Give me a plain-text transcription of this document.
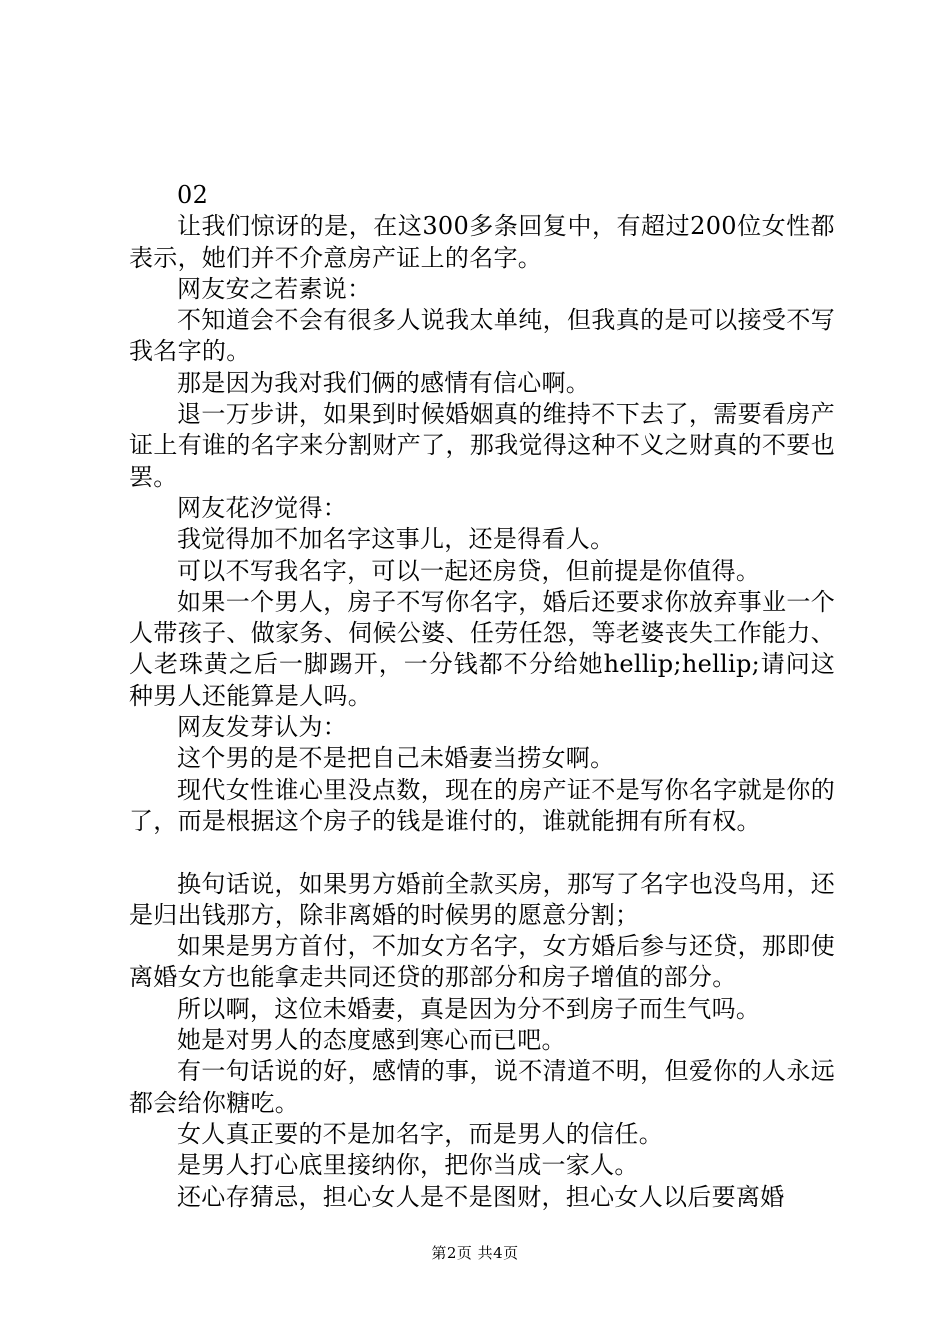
02

让我们惊讶的是，在这300多条回复中，有超过200位女性都表示，她们并不介意房产证上的名字。

网友安之若素说：

不知道会不会有很多人说我太单纯，但我真的是可以接受不写我名字的。

那是因为我对我们俩的感情有信心啊。

退一万步讲，如果到时候婚姻真的维持不下去了，需要看房产证上有谁的名字来分割财产了，那我觉得这种不义之财真的不要也罢。

网友花汐觉得：

我觉得加不加名字这事儿，还是得看人。

可以不写我名字，可以一起还房贷，但前提是你值得。

如果一个男人，房子不写你名字，婚后还要求你放弃事业一个人带孩子、做家务、伺候公婆、任劳任怨，等老婆丧失工作能力、人老珠黄之后一脚踢开，一分钱都不分给她hellip;hellip;请问这种男人还能算是人吗。

网友发芽认为：

这个男的是不是把自己未婚妻当捞女啊。

现代女性谁心里没点数，现在的房产证不是写你名字就是你的了，而是根据这个房子的钱是谁付的，谁就能拥有所有权。

换句话说，如果男方婚前全款买房，那写了名字也没鸟用，还是归出钱那方，除非离婚的时候男的愿意分割；

如果是男方首付，不加女方名字，女方婚后参与还贷，那即使离婚女方也能拿走共同还贷的那部分和房子增值的部分。

所以啊，这位未婚妻，真是因为分不到房子而生气吗。

她是对男人的态度感到寒心而已吧。

有一句话说的好，感情的事，说不清道不明，但爱你的人永远都会给你糖吃。

女人真正要的不是加名字，而是男人的信任。

是男人打心底里接纳你，把你当成一家人。

还心存猜忌，担心女人是不是图财，担心女人以后要离婚

第2页 共4页
